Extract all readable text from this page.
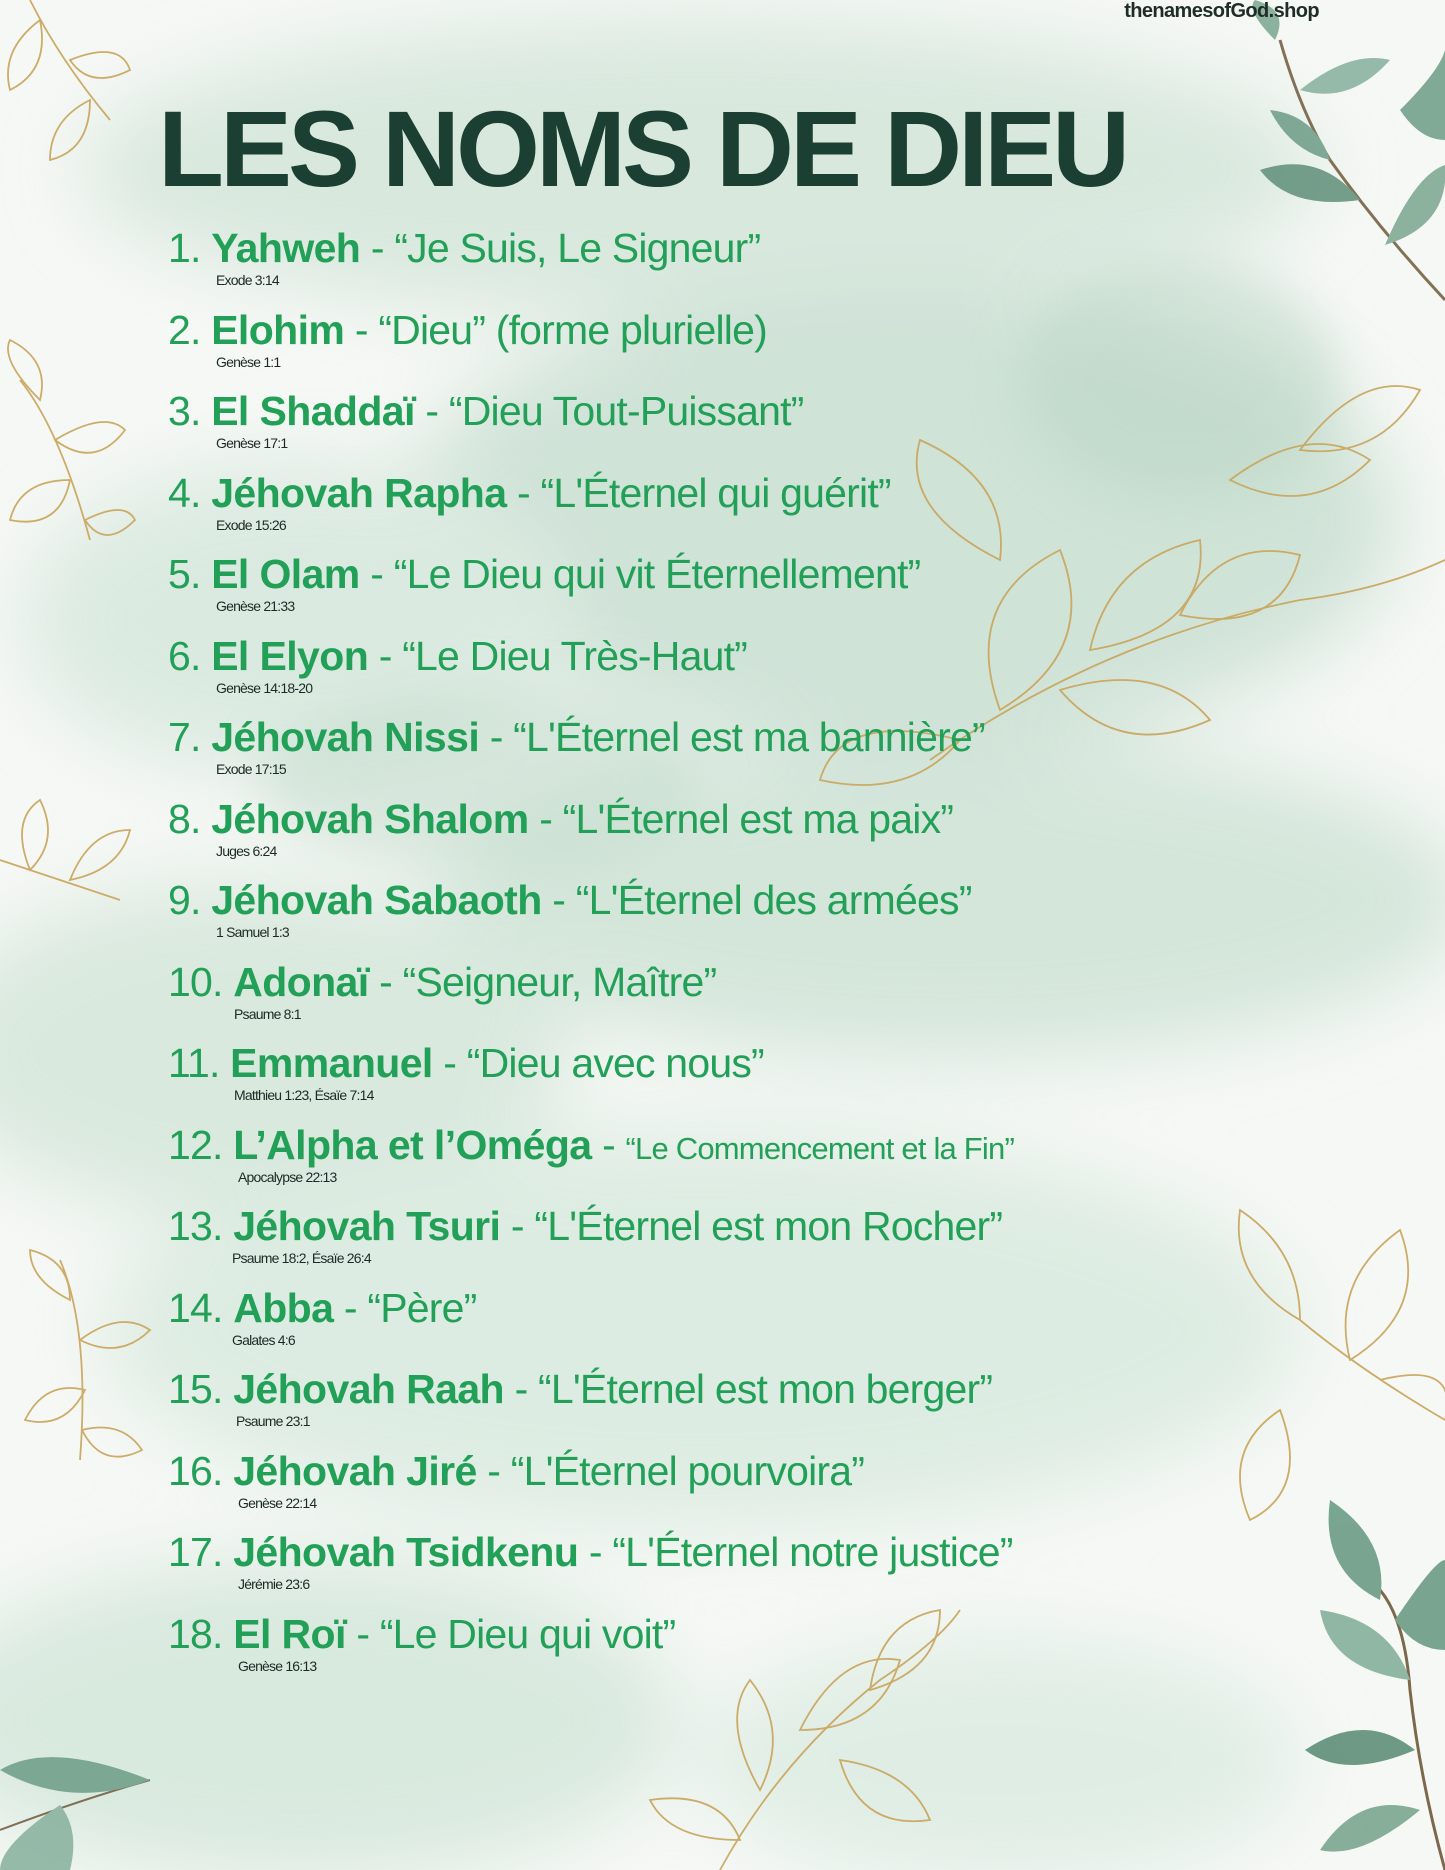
thenamesofGod.shop
LES NOMS DE DIEU
1. Yahweh - “Je Suis, Le Signeur”
Exode 3:14
2. Elohim - “Dieu” (forme plurielle)
Genèse 1:1
3. El Shaddaï - “Dieu Tout-Puissant”
Genèse 17:1
4. Jéhovah Rapha - “L'Éternel qui guérit”
Exode 15:26
5. El Olam - “Le Dieu qui vit Éternellement”
Genèse 21:33
6. El Elyon - “Le Dieu Très-Haut”
Genèse 14:18-20
7. Jéhovah Nissi - “L'Éternel est ma bannière”
Exode 17:15
8. Jéhovah Shalom - “L'Éternel est ma paix”
Juges 6:24
9. Jéhovah Sabaoth - “L'Éternel des armées”
1 Samuel 1:3
10. Adonaï - “Seigneur, Maître”
Psaume 8:1
11. Emmanuel - “Dieu avec nous”
Matthieu 1:23, Ésaïe 7:14
12. L’Alpha et l’Oméga - “Le Commencement et la Fin”
Apocalypse 22:13
13. Jéhovah Tsuri - “L'Éternel est mon Rocher”
Psaume 18:2, Ésaïe 26:4
14. Abba - “Père”
Galates 4:6
15. Jéhovah Raah - “L'Éternel est mon berger”
Psaume 23:1
16. Jéhovah Jiré - “L'Éternel pourvoira”
Genèse 22:14
17. Jéhovah Tsidkenu - “L'Éternel notre justice”
Jérémie 23:6
18. El Roï - “Le Dieu qui voit”
Genèse 16:13
